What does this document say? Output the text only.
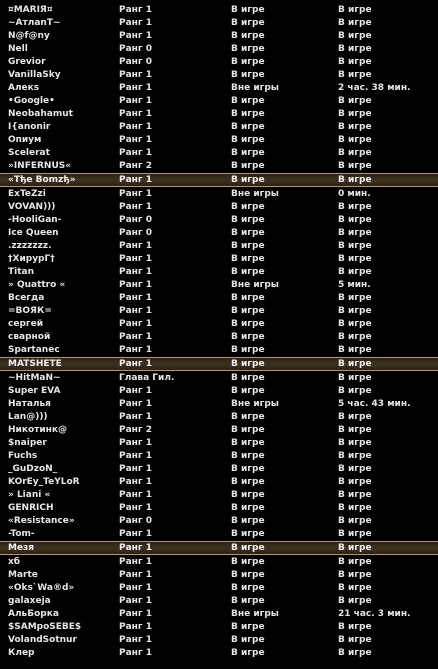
¤MARIЯ¤	Ранг 1	В игре	В игре
~АтлаnТ~	Ранг 1	В игре	В игре
N@f@ny	Ранг 1	В игре	В игре
Nell	Ранг 0	В игре	В игре
Grevior	Ранг 0	В игре	В игре
VanillaSky	Ранг 1	В игре	В игре
Алекs	Ранг 1	Вне игры	2 час. 38 мин.
•Google•	Ранг 1	В игре	В игре
Neobahamut	Ранг 1	В игре	В игре
I{anonir	Ранг 1	В игре	В игре
Опиум	Ранг 1	В игре	В игре
Scelerat	Ранг 1	В игре	В игре
»INFERNUS«	Ранг 2	В игре	В игре
«Tђe Bomzђ»	Ранг 1	В игре	В игре
ExTeZzi	Ранг 1	Вне игры	0 мин.
VOVAN)))	Ранг 1	В игре	В игре
-HooliGan-	Ранг 0	В игре	В игре
Ice Queen	Ранг 0	В игре	В игре
.zzzzzzz.	Ранг 1	В игре	В игре
†ХирурГ†	Ранг 1	В игре	В игре
Titan	Ранг 1	В игре	В игре
» Quattro «	Ранг 1	Вне игры	5 мин.
Всегда	Ранг 1	В игре	В игре
=ВОЯК=	Ранг 1	В игре	В игре
сергей	Ранг 1	В игре	В игре
сварной	Ранг 1	В игре	В игре
Spartanec	Ранг 1	В игре	В игре
MATSHETE	Ранг 1	В игре	В игре
~HitMaN~	Глава Гил.	В игре	В игре
Super EVA	Ранг 1	В игре	В игре
Наталья	Ранг 1	Вне игры	5 час. 43 мин.
Lan@)))	Ранг 1	В игре	В игре
Никотинк@	Ранг 2	В игре	В игре
$naiper	Ранг 1	В игре	В игре
Fuchs	Ранг 1	В игре	В игре
_GuDzoN_	Ранг 1	В игре	В игре
KOrEy_TeYLoR	Ранг 1	В игре	В игре
» Liani «	Ранг 1	В игре	В игре
GENRICH	Ранг 1	В игре	В игре
«Resistance»	Ранг 0	В игре	В игре
-Tom-	Ранг 1	В игре	В игре
Мезя	Ранг 1	В игре	В игре
xб	Ранг 1	В игре	В игре
Marte	Ранг 1	В игре	В игре
«Oks`Wa®d»	Ранг 1	В игре	В игре
galaxeja	Ранг 1	В игре	В игре
АльБорка	Ранг 1	Вне игры	21 час. 3 мин.
$SAMpoSEBE$	Ранг 1	В игре	В игре
VolandSotnur	Ранг 1	В игре	В игре
Клер	Ранг 1	В игре	В игре
